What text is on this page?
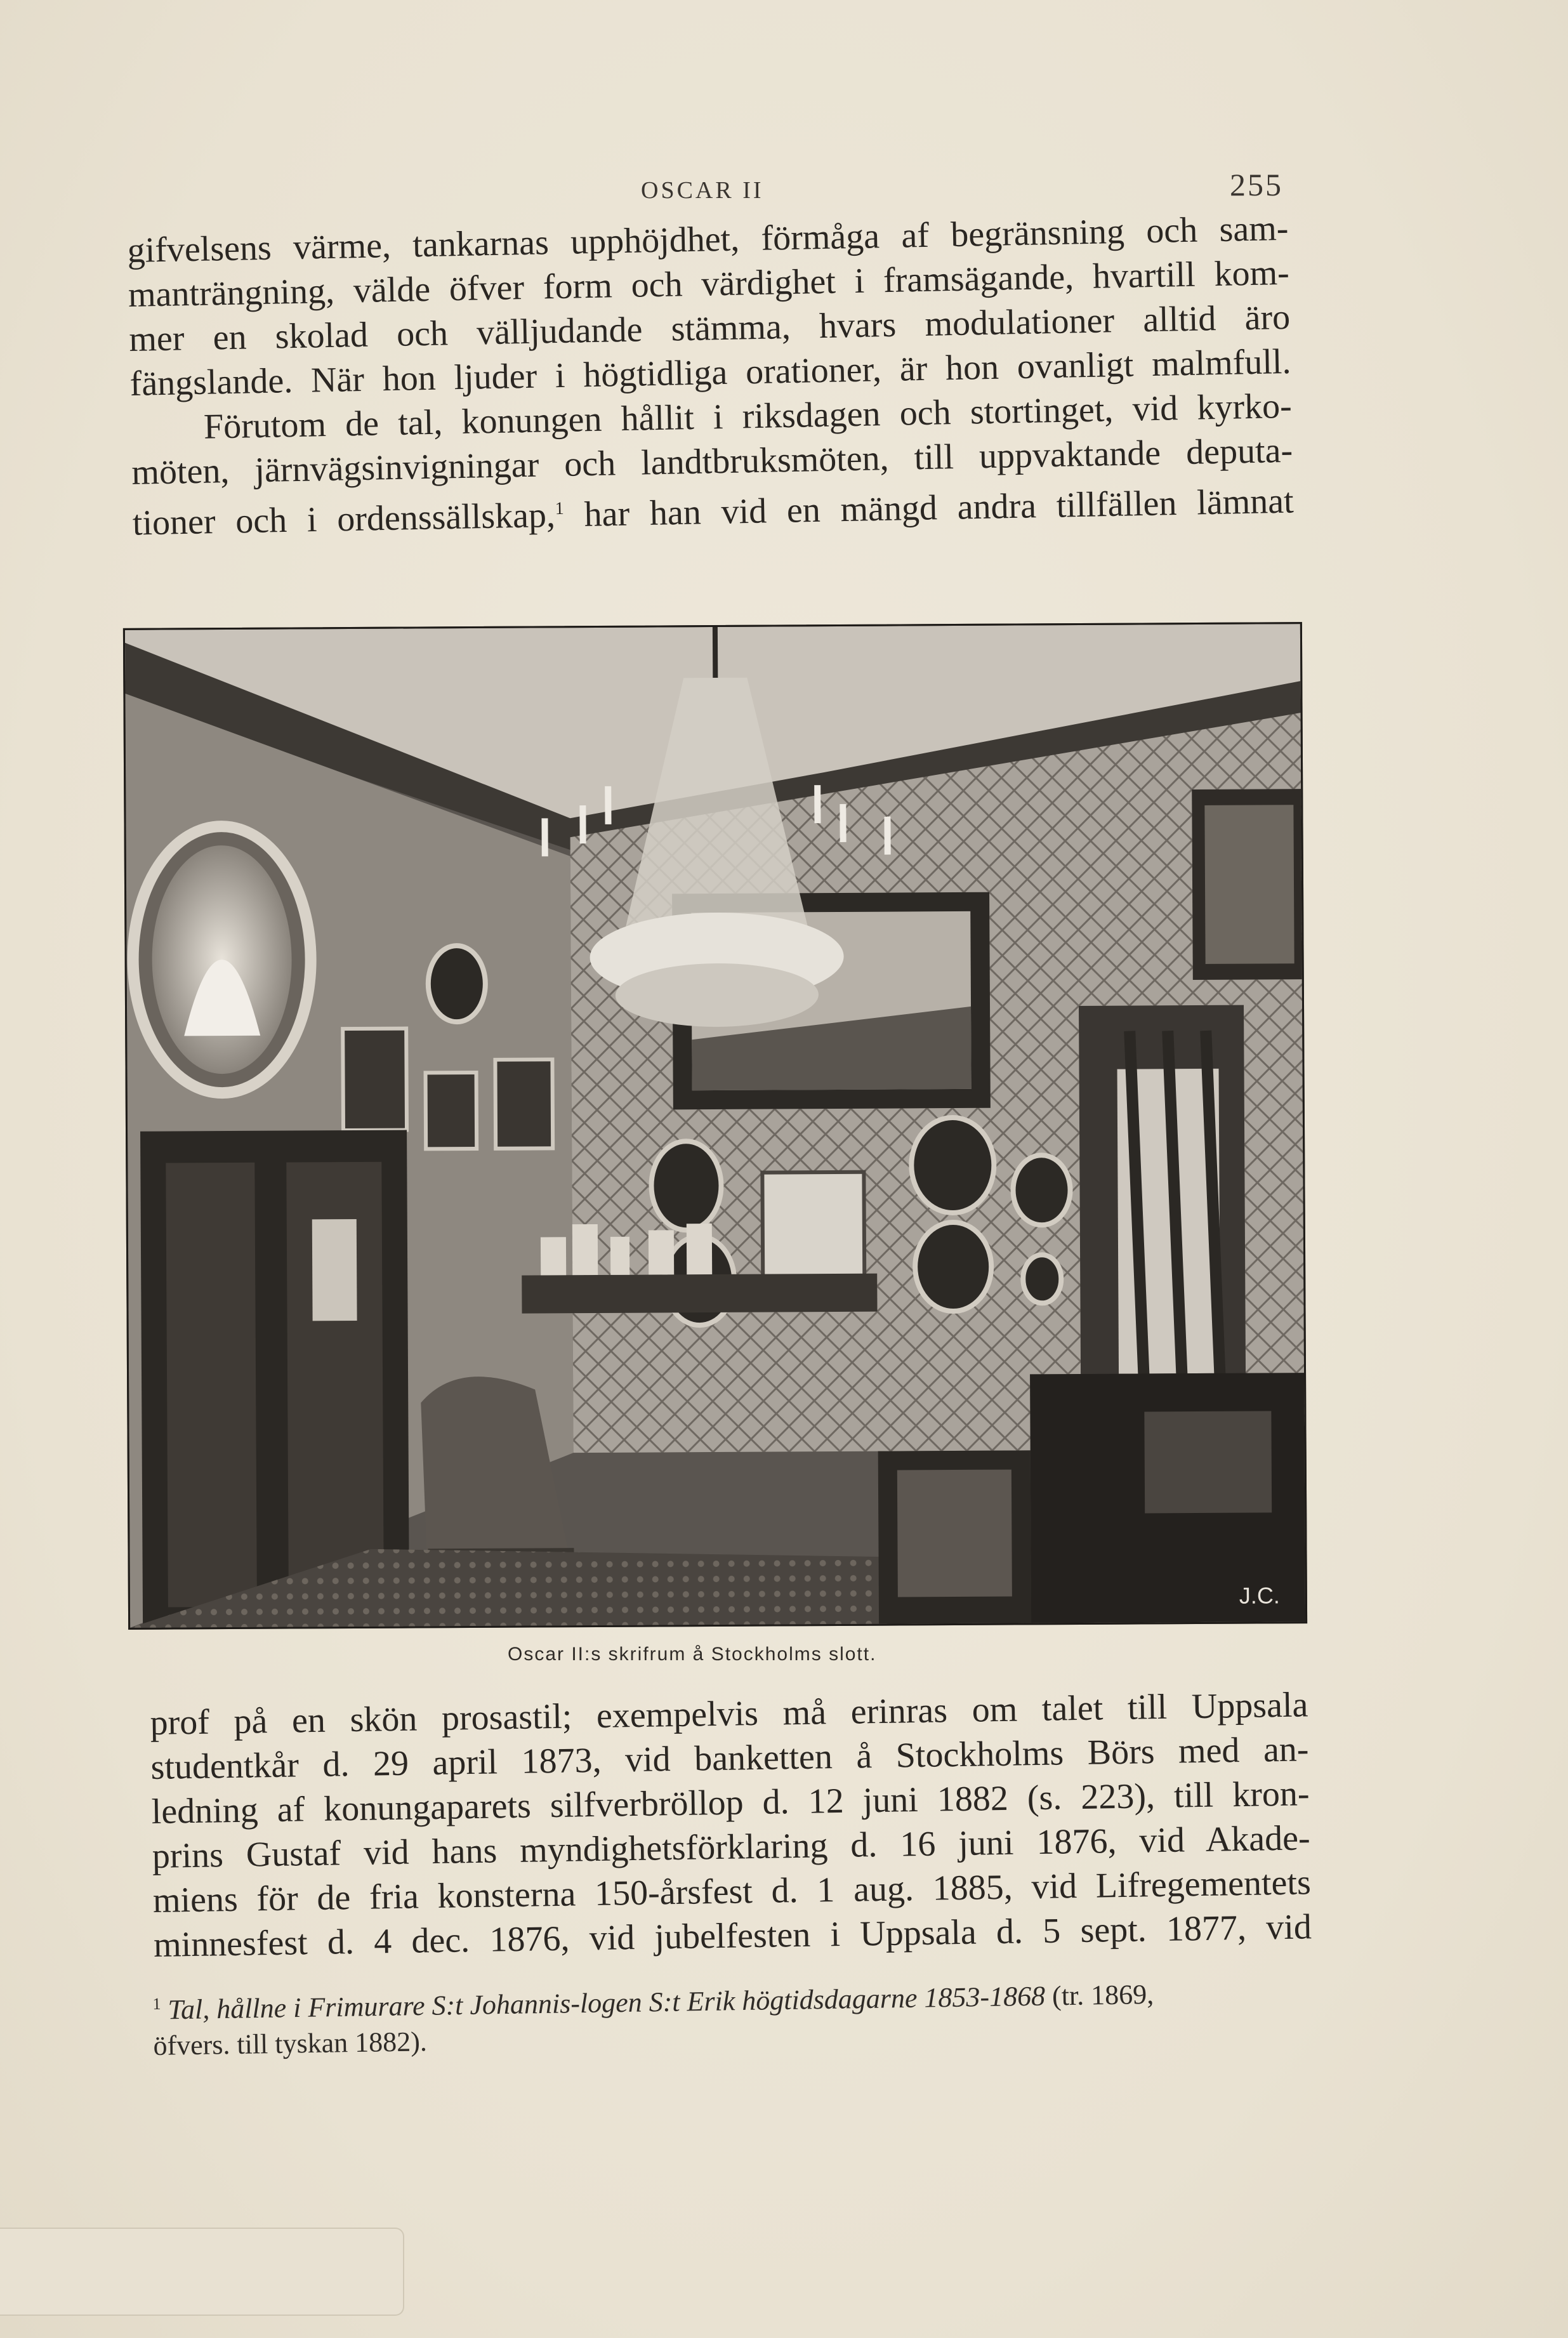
OSCAR II	255
gifvelsens värme, tankarnas upphöjdhet, förmåga af begränsning och sam-
manträngning, välde öfver form och värdighet i framsägande, hvartill kom-
mer en skolad och välljudande stämma, hvars modulationer alltid äro
fängslande. När hon ljuder i högtidliga orationer, är hon ovanligt malmfull.
Förutom de tal, konungen hållit i riksdagen och stortinget, vid kyrko-
möten, järnvägsinvigningar och landtbruksmöten, till uppvaktande deputa-
tioner och i ordenssällskap,$^1$ har han vid en mängd andra tillfällen lämnat
J.C.
Oscar II:s skrifrum å Stockholms slott.
prof på en skön prosastil; exempelvis må erinras om talet till Uppsala
studentkår d. 29 april 1873, vid banketten å Stockholms Börs med an-
ledning af konungaparets silfverbröllop d. 12 juni 1882 (s. 223), till kron-
prins Gustaf vid hans myndighetsförklaring d. 16 juni 1876, vid Akade-
miens för de fria konsterna 150-årsfest d. 1 aug. 1885, vid Lifregementets
minnesfest d. 4 dec. 1876, vid jubelfesten i Uppsala d. 5 sept. 1877, vid
$^1$ Tal, hållne i Frimurare S:t Johannis-logen S:t Erik högtidsdagarne 1853-1868 (tr. 1869,
öfvers. till tyskan 1882).
